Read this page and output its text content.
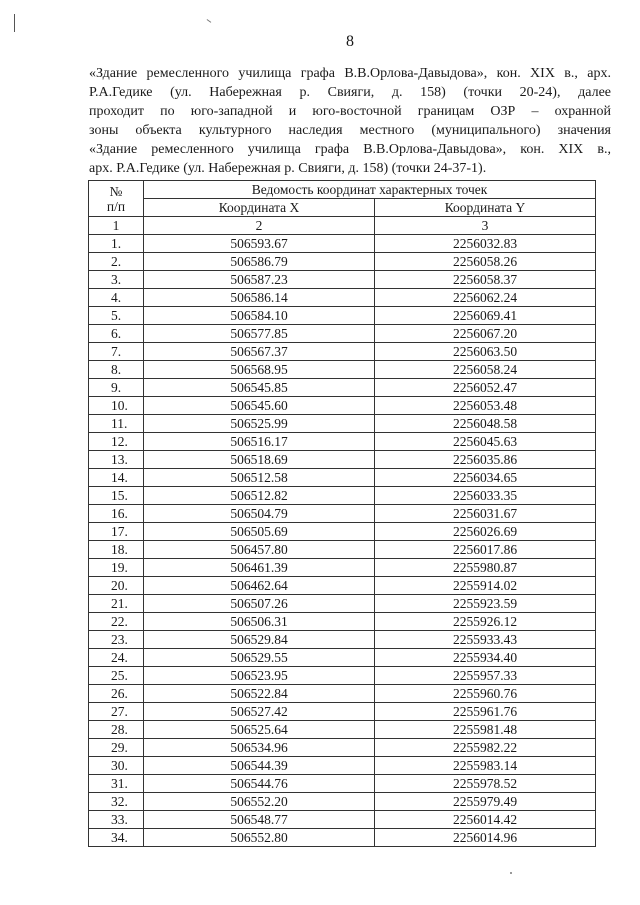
8
«Здание ремесленного училища графа В.В.Орлова-Давыдова», кон. XIX в., арх.
Р.А.Гедике (ул. Набережная р. Свияги, д. 158) (точки 20-24), далее
проходит по юго-западной и юго-восточной границам ОЗР – охранной
зоны объекта культурного наследия местного (муниципального) значения
«Здание ремесленного училища графа В.В.Орлова-Давыдова», кон. XIX в.,
арх. Р.А.Гедике (ул. Набережная р. Свияги, д. 158) (точки 24-37-1).
№
п/п	Ведомость координат характерных точек	
	Координата X	Координата Y
1	2	3
1.	506593.67	2256032.83
2.	506586.79	2256058.26
3.	506587.23	2256058.37
4.	506586.14	2256062.24
5.	506584.10	2256069.41
6.	506577.85	2256067.20
7.	506567.37	2256063.50
8.	506568.95	2256058.24
9.	506545.85	2256052.47
10.	506545.60	2256053.48
11.	506525.99	2256048.58
12.	506516.17	2256045.63
13.	506518.69	2256035.86
14.	506512.58	2256034.65
15.	506512.82	2256033.35
16.	506504.79	2256031.67
17.	506505.69	2256026.69
18.	506457.80	2256017.86
19.	506461.39	2255980.87
20.	506462.64	2255914.02
21.	506507.26	2255923.59
22.	506506.31	2255926.12
23.	506529.84	2255933.43
24.	506529.55	2255934.40
25.	506523.95	2255957.33
26.	506522.84	2255960.76
27.	506527.42	2255961.76
28.	506525.64	2255981.48
29.	506534.96	2255982.22
30.	506544.39	2255983.14
31.	506544.76	2255978.52
32.	506552.20	2255979.49
33.	506548.77	2256014.42
34.	506552.80	2256014.96
